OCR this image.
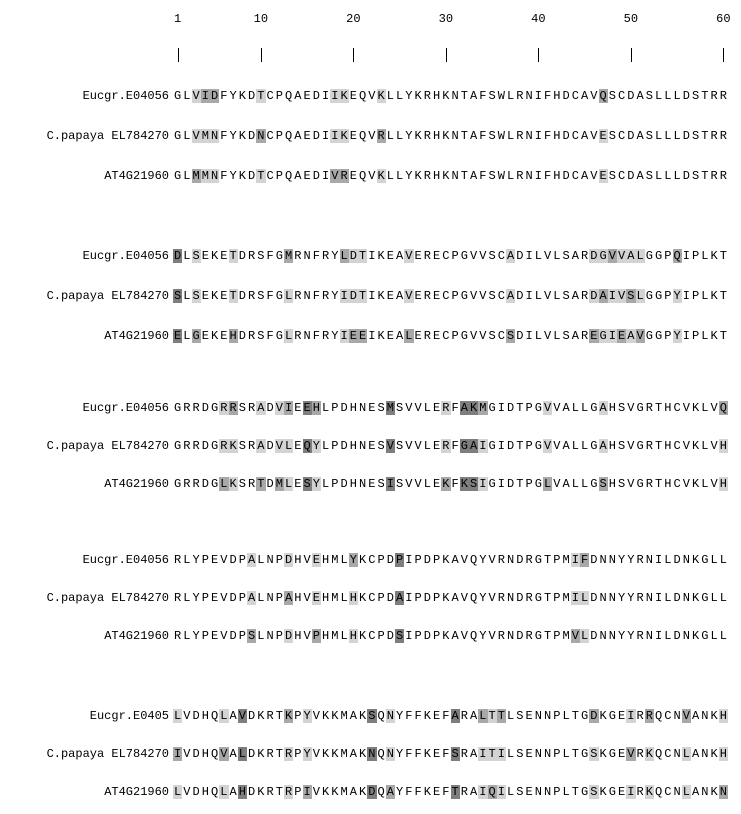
1	10	20	30	40	50	60
Eucgr.E04056 G L V I D F Y K D T C P Q A E D I I K E Q V K L L Y K R H K N T A F S W L R N I F H D C A V Q S C D A S L L L D S T R R
C.papaya EL784270 G L V M N F Y K D N C P Q A E D I I K E Q V R L L Y K R H K N T A F S W L R N I F H D C A V E S C D A S L L L D S T R R
AT4G21960 G L M M N F Y K D T C P Q A E D I V R E Q V K L L Y K R H K N T A F S W L R N I F H D C A V E S C D A S L L L D S T R R
Eucgr.E04056 D L S E K E T D R S F G M R N F R Y L D T I K E A V E R E C P G V V S C A D I L V L S A R D G V V A L G G P Q I P L K T
C.papaya EL784270 S L S E K E T D R S F G L R N F R Y I D T I K E A V E R E C P G V V S C A D I L V L S A R D A I V S L G G P Y I P L K T
AT4G21960 E L G E K E H D R S F G L R N F R Y I E E I K E A L E R E C P G V V S C S D I L V L S A R E G I E A V G G P Y I P L K T
Eucgr.E04056 G R R D G R R S R A D V I E E H L P D H N E S M S V V L E R F A K M G I D T P G V V A L L G A H S V G R T H C V K L V Q
C.papaya EL784270 G R R D G R K S R A D V L E Q Y L P D H N E S V S V V L E R F G A I G I D T P G V V A L L G A H S V G R T H C V K L V H
AT4G21960 G R R D G L K S R T D M L E S Y L P D H N E S I S V V L E K F K S I G I D T P G L V A L L G S H S V G R T H C V K L V H
Eucgr.E04056 R L Y P E V D P A L N P D H V E H M L Y K C P D P I P D P K A V Q Y V R N D R G T P M I F D N N Y Y R N I L D N K G L L
C.papaya EL784270 R L Y P E V D P A L N P A H V E H M L H K C P D A I P D P K A V Q Y V R N D R G T P M I L D N N Y Y R N I L D N K G L L
AT4G21960 R L Y P E V D P S L N P D H V P H M L H K C P D S I P D P K A V Q Y V R N D R G T P M V L D N N Y Y R N I L D N K G L L
Eucgr.E0405 L V D H Q L A V D K R T K P Y V K K M A K S Q N Y F F K E F A R A L T T L S E N N P L T G D K G E I R R Q C N V A N K H
C.papaya EL784270 I V D H Q V A L D K R T R P Y V K K M A K N Q N Y F F K E F S R A I T I L S E N N P L T G S K G E V R K Q C N L A N K H
AT4G21960 L V D H Q L A H D K R T R P I V K K M A K D Q A Y F F K E F T R A I Q I L S E N N P L T G S K G E I R K Q C N L A N K N
